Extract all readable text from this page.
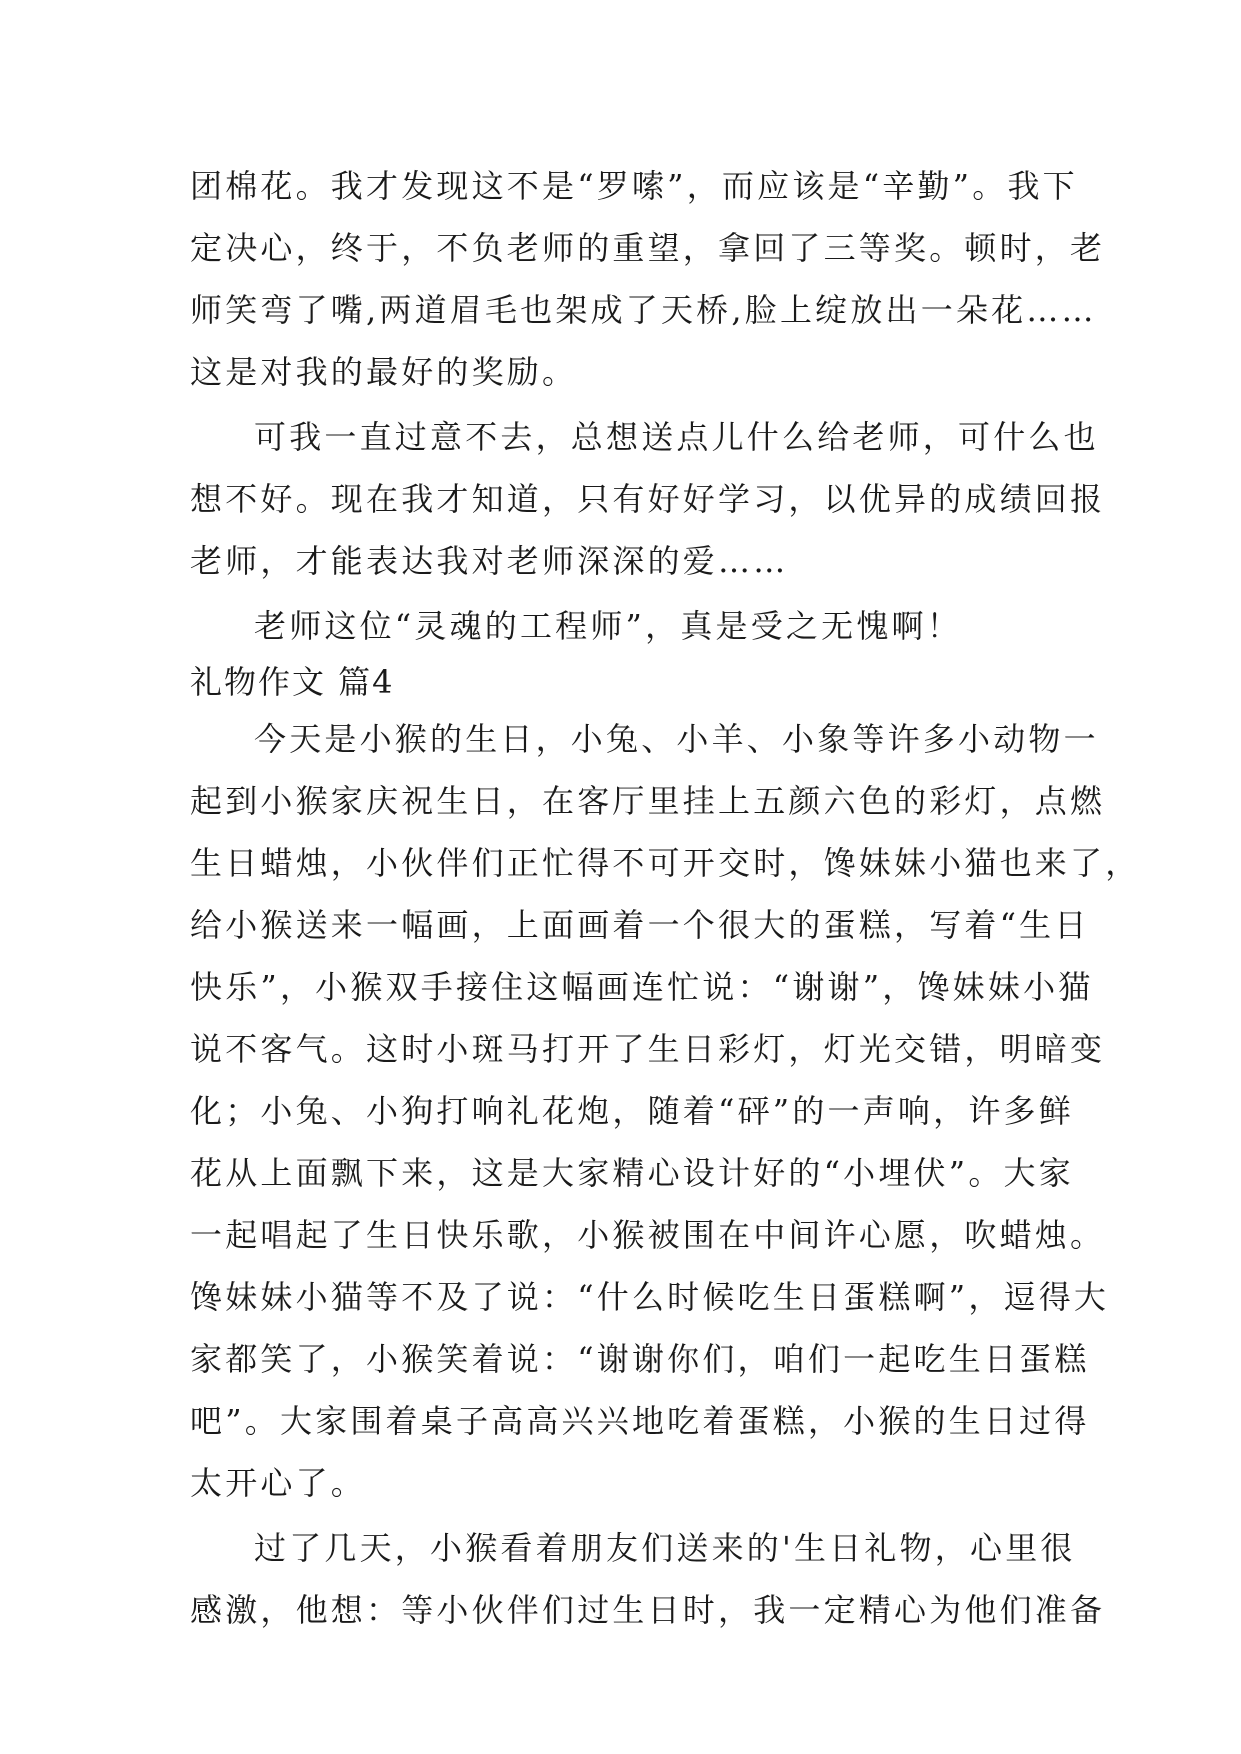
团棉花。我才发现这不是“罗嗦”，而应该是“辛勤”。我下
定决心，终于，不负老师的重望，拿回了三等奖。顿时，老
师笑弯了嘴,两道眉毛也架成了天桥,脸上绽放出一朵花……
这是对我的最好的奖励。
可我一直过意不去，总想送点儿什么给老师，可什么也
想不好。现在我才知道，只有好好学习，以优异的成绩回报
老师，才能表达我对老师深深的爱……
老师这位“灵魂的工程师”，真是受之无愧啊！
礼物作文 篇4
今天是小猴的生日，小兔、小羊、小象等许多小动物一
起到小猴家庆祝生日，在客厅里挂上五颜六色的彩灯，点燃
生日蜡烛，小伙伴们正忙得不可开交时，馋妹妹小猫也来了，
给小猴送来一幅画，上面画着一个很大的蛋糕，写着“生日
快乐”，小猴双手接住这幅画连忙说：“谢谢”，馋妹妹小猫
说不客气。这时小斑马打开了生日彩灯，灯光交错，明暗变
化；小兔、小狗打响礼花炮，随着“砰”的一声响，许多鲜
花从上面飘下来，这是大家精心设计好的“小埋伏”。大家
一起唱起了生日快乐歌，小猴被围在中间许心愿，吹蜡烛。
馋妹妹小猫等不及了说：“什么时候吃生日蛋糕啊”，逗得大
家都笑了，小猴笑着说：“谢谢你们，咱们一起吃生日蛋糕
吧”。大家围着桌子高高兴兴地吃着蛋糕，小猴的生日过得
太开心了。
过了几天，小猴看着朋友们送来的'生日礼物，心里很
感激，他想：等小伙伴们过生日时，我一定精心为他们准备
